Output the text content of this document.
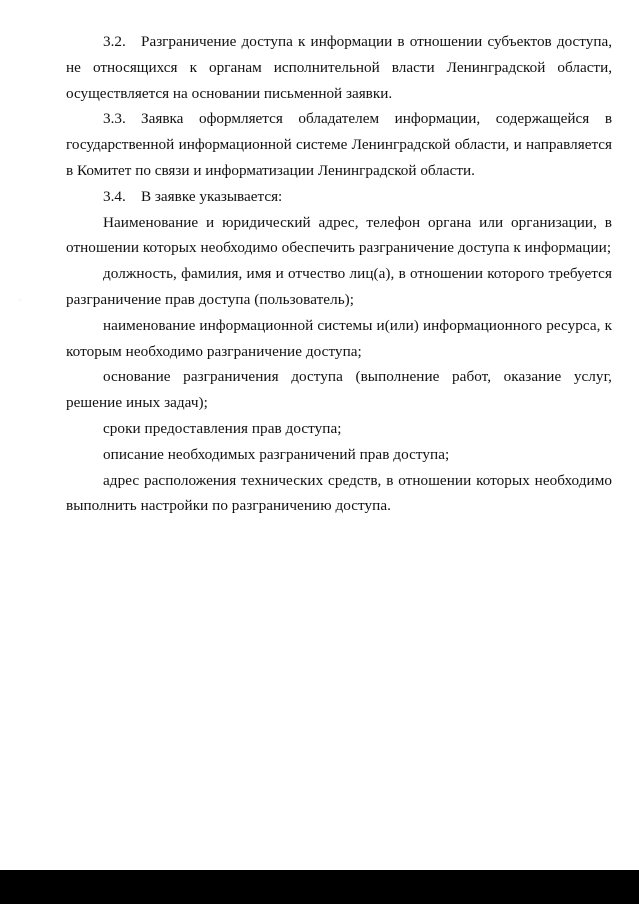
3.2. Разграничение доступа к информации в отношении субъектов доступа, не относящихся к органам исполнительной власти Ленинградской области, осуществляется на основании письменной заявки.

3.3. Заявка оформляется обладателем информации, содержащейся в государственной информационной системе Ленинградской области, и направляется в Комитет по связи и информатизации Ленинградской области.

3.4. В заявке указывается:

Наименование и юридический адрес, телефон органа или организации, в отношении которых необходимо обеспечить разграничение доступа к информации;

должность, фамилия, имя и отчество лиц(а), в отношении которого требуется разграничение прав доступа (пользователь);

наименование информационной системы и(или) информационного ресурса, к которым необходимо разграничение доступа;

основание разграничения доступа (выполнение работ, оказание услуг, решение иных задач);

сроки предоставления прав доступа;

описание необходимых разграничений прав доступа;

адрес расположения технических средств, в отношении которых необходимо выполнить настройки по разграничению доступа.
